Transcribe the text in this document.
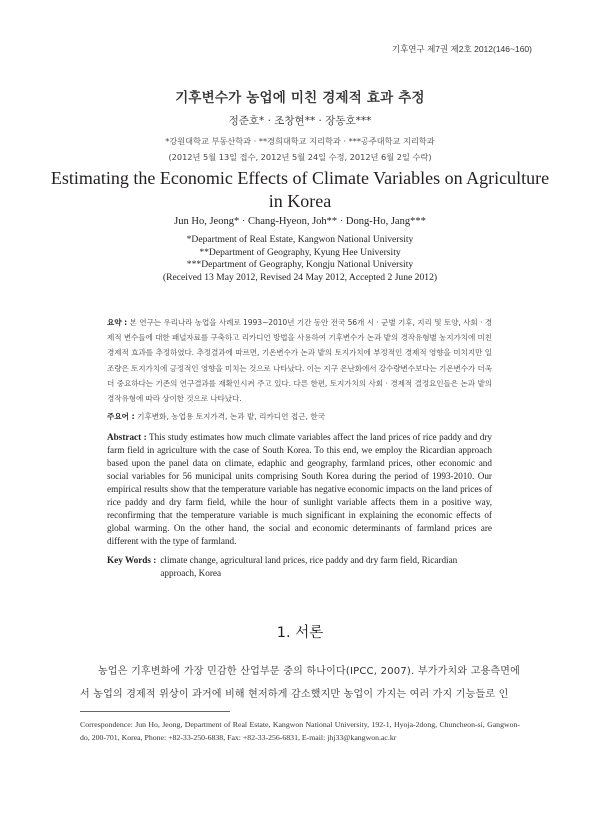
기후연구 제7권 제2호 2012(146~160)
기후변수가 농업에 미친 경제적 효과 추정
정준호* · 조창현** · 장동호***
*강원대학교 부동산학과 · **경희대학교 지리학과 · ***공주대학교 지리학과
(2012년 5월 13일 접수, 2012년 5월 24일 수정, 2012년 6월 2일 수락)
Estimating the Economic Effects of Climate Variables on Agriculture in Korea
Jun Ho, Jeong* · Chang-Hyeon, Joh** · Dong-Ho, Jang***
*Department of Real Estate, Kangwon National University
**Department of Geography, Kyung Hee University
***Department of Geography, Kongju National University
(Received 13 May 2012, Revised 24 May 2012, Accepted 2 June 2012)
요약 : 본 연구는 우리나라 농업을 사례로 1993~2010년 기간 동안 전국 56개 시 · 군별 기후, 지리 및 토양, 사회 · 경제적 변수들에 대한 패널자료를 구축하고 리카디언 방법을 사용하여 기후변수가 논과 밭의 경작유형별 농지가치에 미친 경제적 효과를 추정하였다. 추정결과에 따르면, 기온변수가 논과 밭의 토지가치에 부정적인 경제적 영향을 미치지만 일조량은 토지가치에 긍정적인 영향을 미치는 것으로 나타났다. 이는 지구 온난화에서 강수량변수보다는 기온변수가 더욱더 중요하다는 기존의 연구결과를 재확인시켜 주고 있다. 다른 한편, 토지가치의 사회 · 경제적 결정요인들은 논과 밭의 경작유형에 따라 상이한 것으로 나타났다.
주요어 : 기후변화, 농업용 토지가격, 논과 밭, 리카디언 접근, 한국
Abstract : This study estimates how much climate variables affect the land prices of rice paddy and dry farm field in agriculture with the case of South Korea. To this end, we employ the Ricardian approach based upon the panel data on climate, edaphic and geography, farmland prices, other economic and social variables for 56 municipal units comprising South Korea during the period of 1993-2010. Our empirical results show that the temperature variable has negative economic impacts on the land prices of rice paddy and dry farm field, while the hour of sunlight variable affects them in a positive way, reconfirming that the temperature variable is much significant in explaining the economic effects of global warming. On the other hand, the social and economic determinants of farmland prices are different with the type of farmland.
Key Words :	climate change, agricultural land prices, rice paddy and dry farm field, Ricardian approach, Korea
1. 서론
농업은 기후변화에 가장 민감한 산업부문 중의 하나이다(IPCC, 2007). 부가가치와 고용측면에서 농업의 경제적 위상이 과거에 비해 현저하게 감소했지만 농업이 가지는 여러 가지 기능들로 인
Correspondence: Jun Ho, Jeong, Department of Real Estate, Kangwon National University, 192-1, Hyoja-2dong, Chuncheon-si, Gangwon-do, 200-701, Korea, Phone: +82-33-250-6838, Fax: +82-33-256-6831, E-mail: jhj33@kangwon.ac.kr
